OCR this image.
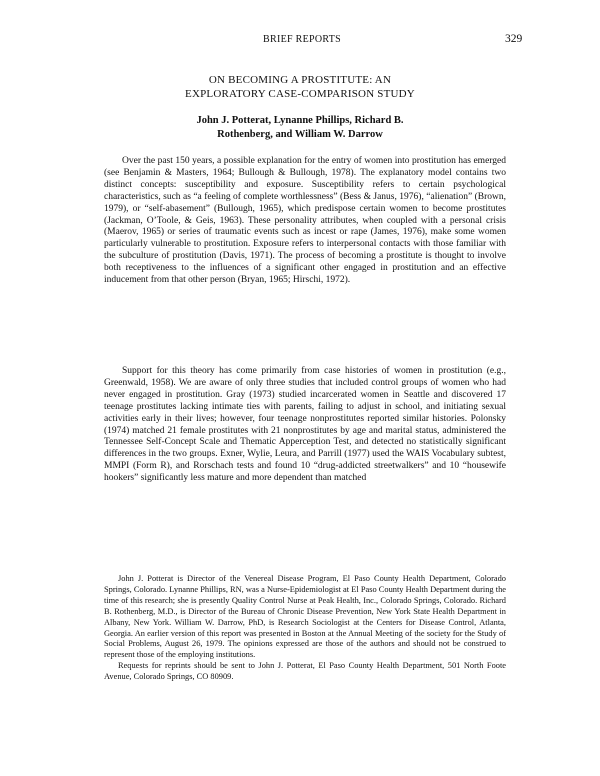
BRIEF REPORTS	329
ON BECOMING A PROSTITUTE: AN
EXPLORATORY CASE-COMPARISON STUDY
John J. Potterat, Lynanne Phillips, Richard B.
Rothenberg, and William W. Darrow

Over the past 150 years, a possible explanation for the entry of women into prostitution has emerged (see Benjamin & Masters, 1964; Bullough & Bullough, 1978). The explanatory model contains two distinct concepts: susceptibility and exposure. Susceptibility refers to certain psychological characteristics, such as “a feeling of complete worthlessness” (Bess & Janus, 1976), “alienation” (Brown, 1979), or “self-abasement” (Bullough, 1965), which predispose certain women to become prostitutes (Jackman, O’Toole, & Geis, 1963). These personality attributes, when coupled with a personal crisis (Maerov, 1965) or series of traumatic events such as incest or rape (James, 1976), make some women particularly vulnerable to prostitution. Exposure refers to interpersonal contacts with those familiar with the subculture of prostitution (Davis, 1971). The process of becoming a prostitute is thought to involve both receptiveness to the influences of a significant other engaged in prostitution and an effective inducement from that other person (Bryan, 1965; Hirschi, 1972).

Support for this theory has come primarily from case histories of women in prostitution (e.g., Greenwald, 1958). We are aware of only three studies that included control groups of women who had never engaged in prostitution. Gray (1973) studied incarcerated women in Seattle and discovered 17 teenage prostitutes lacking intimate ties with parents, failing to adjust in school, and initiating sexual activities early in their lives; however, four teenage nonprostitutes reported similar histories. Polonsky (1974) matched 21 female prostitutes with 21 nonprostitutes by age and marital status, administered the Tennessee Self-Concept Scale and Thematic Apperception Test, and detected no statistically significant differences in the two groups. Exner, Wylie, Leura, and Parrill (1977) used the WAIS Vocabulary subtest, MMPI (Form R), and Rorschach tests and found 10 “drug-addicted streetwalkers” and 10 “housewife hookers” significantly less mature and more dependent than matched

John J. Potterat is Director of the Venereal Disease Program, El Paso County Health Department, Colorado Springs, Colorado. Lynanne Phillips, RN, was a Nurse-Epidemiologist at El Paso County Health Department during the time of this research; she is presently Quality Control Nurse at Peak Health, Inc., Colorado Springs, Colorado. Richard B. Rothenberg, M.D., is Director of the Bureau of Chronic Disease Prevention, New York State Health Department in Albany, New York. William W. Darrow, PhD, is Research Sociologist at the Centers for Disease Control, Atlanta, Georgia. An earlier version of this report was presented in Boston at the Annual Meeting of the society for the Study of Social Problems, August 26, 1979. The opinions expressed are those of the authors and should not be construed to represent those of the employing institutions.

Requests for reprints should be sent to John J. Potterat, El Paso County Health Department, 501 North Foote Avenue, Colorado Springs, CO 80909.
